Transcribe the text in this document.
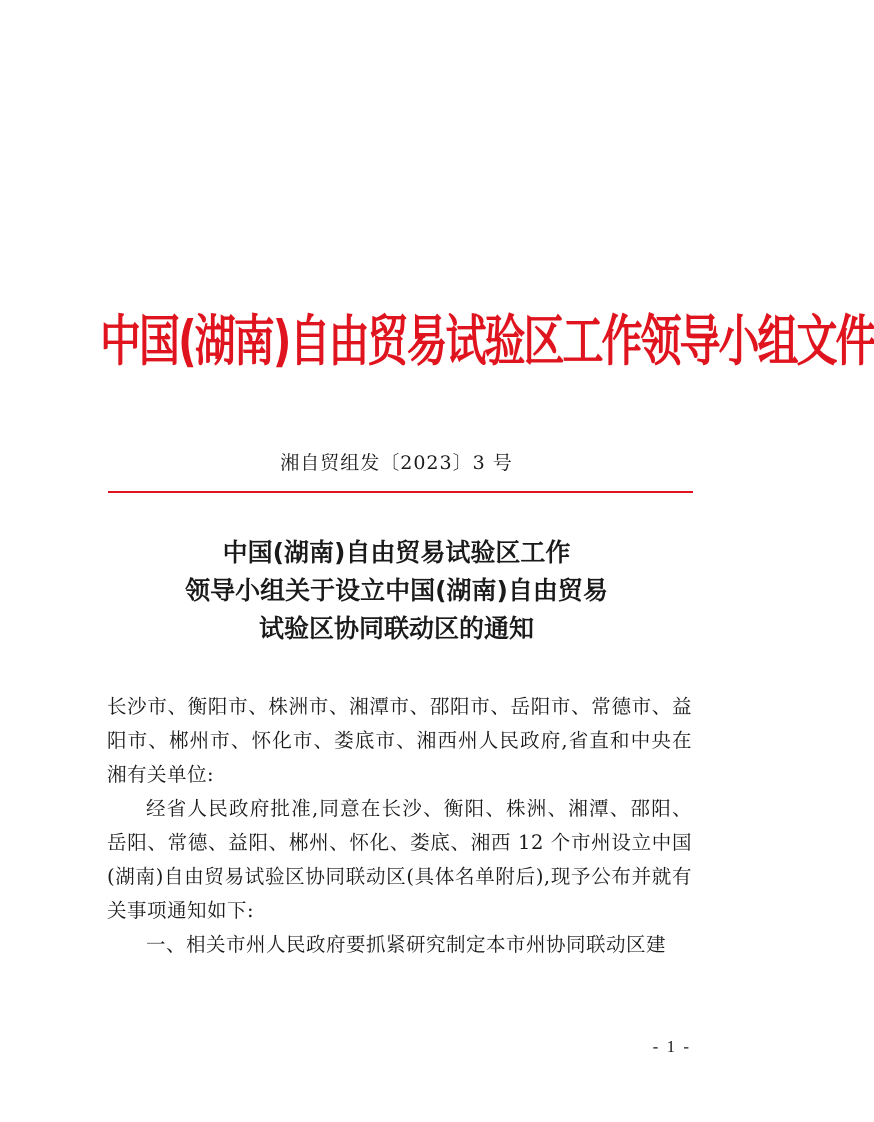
中国(湖南)自由贸易试验区工作领导小组文件
湘自贸组发〔2023〕3 号
中国(湖南)自由贸易试验区工作
领导小组关于设立中国(湖南)自由贸易
试验区协同联动区的通知

长沙市、衡阳市、株洲市、湘潭市、邵阳市、岳阳市、常德市、益阳市、郴州市、怀化市、娄底市、湘西州人民政府,省直和中央在湘有关单位:

经省人民政府批准,同意在长沙、衡阳、株洲、湘潭、邵阳、岳阳、常德、益阳、郴州、怀化、娄底、湘西 12 个市州设立中国(湖南)自由贸易试验区协同联动区(具体名单附后),现予公布并就有关事项通知如下:

一、相关市州人民政府要抓紧研究制定本市州协同联动区建

- 1 -
